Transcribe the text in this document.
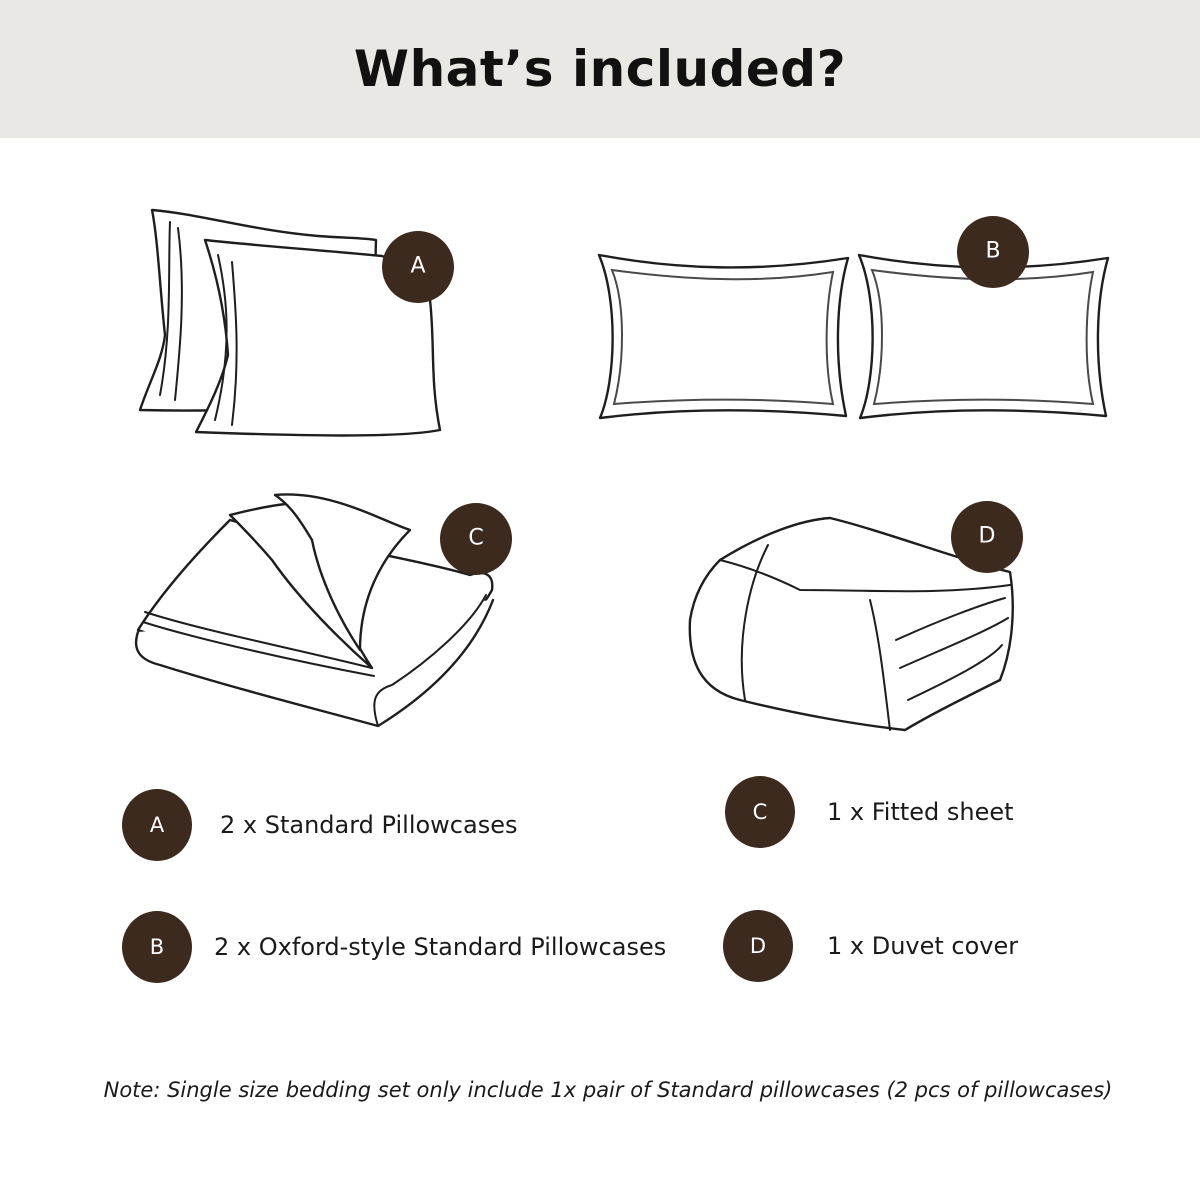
What’s included?
A
B
C	D
A	2 x Standard Pillowcases
B	2 x Oxford-style Standard Pillowcases
C	1 x Fitted sheet
D	1 x Duvet cover
Note: Single size bedding set only include 1x pair of Standard pillowcases (2 pcs of pillowcases)
